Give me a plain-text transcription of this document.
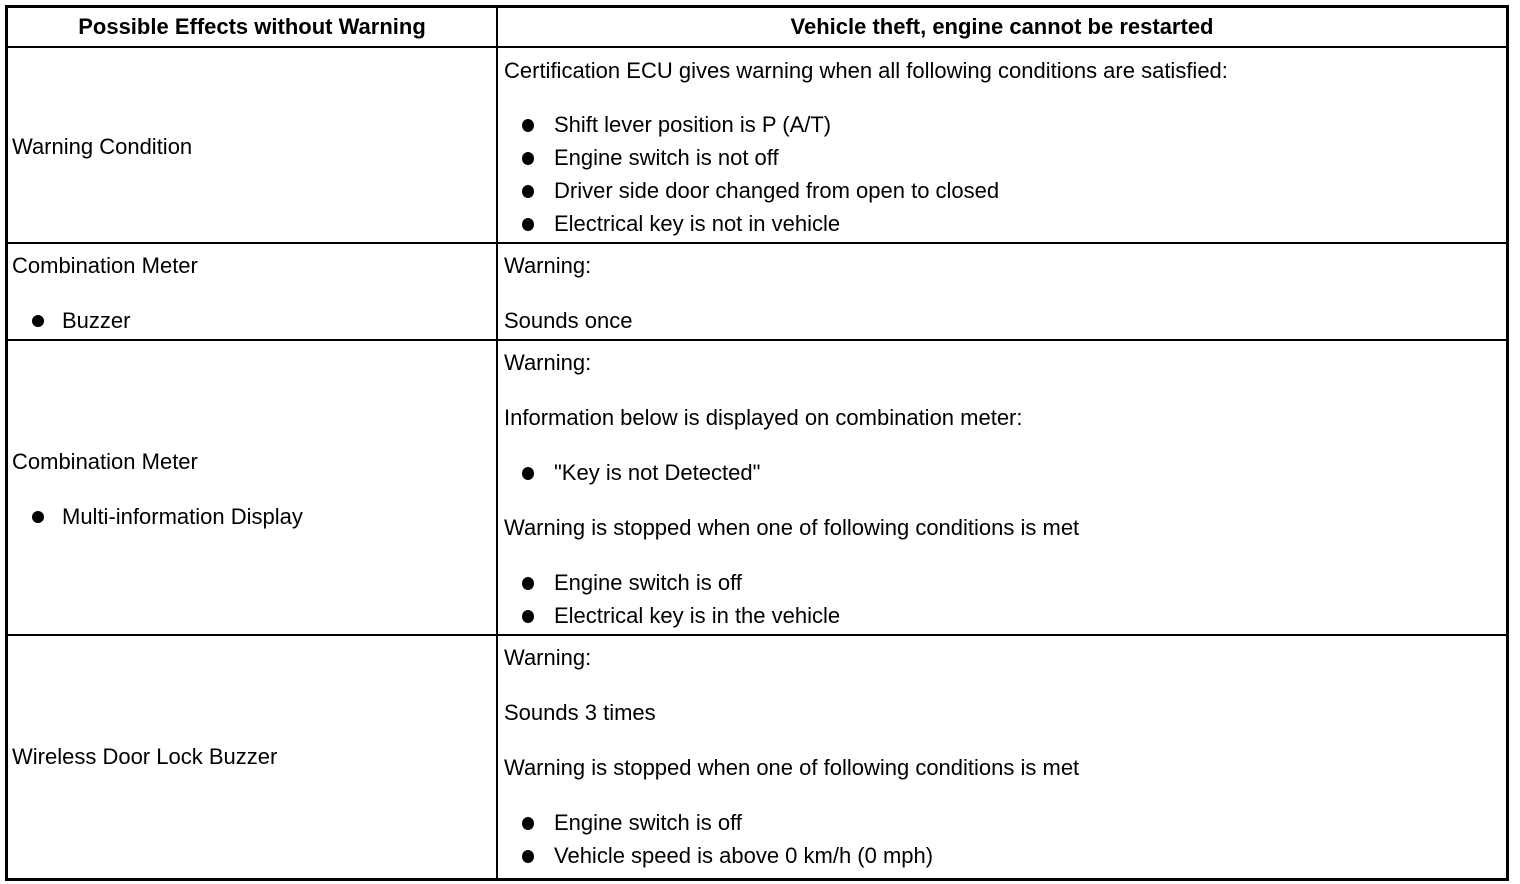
Possible Effects without Warning	Vehicle theft, engine cannot be restarted
Warning Condition

Certification ECU gives warning when all following conditions are satisfied:

Shift lever position is P (A/T)
Engine switch is not off
Driver side door changed from open to closed
Electrical key is not in vehicle

Combination Meter

Buzzer

Warning:

Sounds once

Combination Meter

Multi-information Display

Warning:

Information below is displayed on combination meter:

"Key is not Detected"

Warning is stopped when one of following conditions is met

Engine switch is off
Electrical key is in the vehicle
Wireless Door Lock Buzzer

Warning:

Sounds 3 times

Warning is stopped when one of following conditions is met

Engine switch is off
Vehicle speed is above 0 km/h (0 mph)
